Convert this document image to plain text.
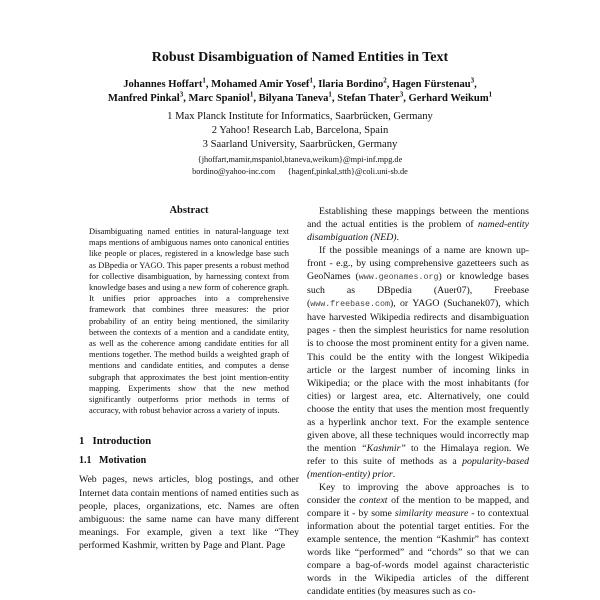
Robust Disambiguation of Named Entities in Text
Johannes Hoffart$^1$, Mohamed Amir Yosef$^1$, Ilaria Bordino$^2$, Hagen Fürstenau$^3$,
Manfred Pinkal$^3$, Marc Spaniol$^1$, Bilyana Taneva$^1$, Stefan Thater$^3$, Gerhard Weikum$^1$
1 Max Planck Institute for Informatics, Saarbrücken, Germany
2 Yahoo! Research Lab, Barcelona, Spain
3 Saarland University, Saarbrücken, Germany
{jhoffart,mamir,mspaniol,btaneva,weikum}@mpi-inf.mpg.de
bordino@yahoo-inc.com {hagenf,pinkal,stth}@coli.uni-sb.de
Abstract

Disambiguating named entities in natural-language text maps mentions of ambiguous names onto canonical entities like people or places, registered in a knowledge base such as DBpedia or YAGO. This paper presents a robust method for collective disambiguation, by harnessing context from knowledge bases and using a new form of coherence graph. It unifies prior approaches into a comprehensive framework that combines three measures: the prior probability of an entity being mentioned, the similarity between the contexts of a mention and a candidate entity, as well as the coherence among candidate entities for all mentions together. The method builds a weighted graph of mentions and candidate entities, and computes a dense subgraph that approximates the best joint mention-entity mapping. Experiments show that the new method significantly outperforms prior methods in terms of accuracy, with robust behavior across a variety of inputs.

1   Introduction

1.1   Motivation

Web pages, news articles, blog postings, and other Internet data contain mentions of named entities such as people, places, organizations, etc. Names are often ambiguous: the same name can have many different meanings. For example, given a text like “They performed Kashmir, written by Page and Plant. Page

Establishing these mappings between the mentions and the actual entities is the problem of named-entity disambiguation (NED).

If the possible meanings of a name are known up-front - e.g., by using comprehensive gazetteers such as GeoNames (www.geonames.org) or knowledge bases such as DBpedia (Auer07), Freebase (www.freebase.com), or YAGO (Suchanek07), which have harvested Wikipedia redirects and disambiguation pages - then the simplest heuristics for name resolution is to choose the most prominent entity for a given name. This could be the entity with the longest Wikipedia article or the largest number of incoming links in Wikipedia; or the place with the most inhabitants (for cities) or largest area, etc. Alternatively, one could choose the entity that uses the mention most frequently as a hyperlink anchor text. For the example sentence given above, all these techniques would incorrectly map the mention “Kashmir” to the Himalaya region. We refer to this suite of methods as a popularity-based (mention-entity) prior.

Key to improving the above approaches is to consider the context of the mention to be mapped, and compare it - by some similarity measure - to contextual information about the potential target entities. For the example sentence, the mention “Kashmir” has context words like “performed” and “chords” so that we can compare a bag-of-words model against characteristic words in the Wikipedia articles of the different candidate entities (by measures such as co-
